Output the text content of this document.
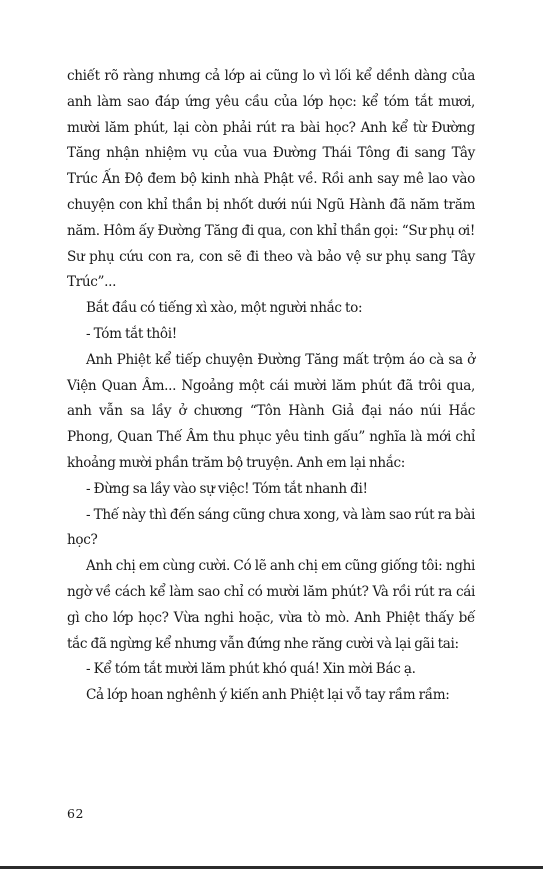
chiết rõ ràng nhưng cả lớp ai cũng lo vì lối kể dềnh dàng của anh làm sao đáp ứng yêu cầu của lớp học: kể tóm tắt mươi, mười lăm phút, lại còn phải rút ra bài học? Anh kể từ Đường Tăng nhận nhiệm vụ của vua Đường Thái Tông đi sang Tây Trúc Ấn Độ đem bộ kinh nhà Phật về. Rồi anh say mê lao vào chuyện con khỉ thần bị nhốt dưới núi Ngũ Hành đã năm trăm năm. Hôm ấy Đường Tăng đi qua, con khỉ thần gọi: “Sư phụ ơi! Sư phụ cứu con ra, con sẽ đi theo và bảo vệ sư phụ sang Tây Trúc”...

Bắt đầu có tiếng xì xào, một người nhắc to:

- Tóm tắt thôi!

Anh Phiệt kể tiếp chuyện Đường Tăng mất trộm áo cà sa ở Viện Quan Âm... Ngoảng một cái mười lăm phút đã trôi qua, anh vẫn sa lầy ở chương “Tôn Hành Giả đại náo núi Hắc Phong, Quan Thế Âm thu phục yêu tinh gấu” nghĩa là mới chỉ khoảng mười phần trăm bộ truyện. Anh em lại nhắc:

- Đừng sa lầy vào sự việc! Tóm tắt nhanh đi!

- Thế này thì đến sáng cũng chưa xong, và làm sao rút ra bài học?

Anh chị em cùng cười. Có lẽ anh chị em cũng giống tôi: nghi ngờ về cách kể làm sao chỉ có mười lăm phút? Và rồi rút ra cái gì cho lớp học? Vừa nghi hoặc, vừa tò mò. Anh Phiệt thấy bế tắc đã ngừng kể nhưng vẫn đứng nhe răng cười và lại gãi tai:

- Kể tóm tắt mười lăm phút khó quá! Xin mời Bác ạ.

Cả lớp hoan nghênh ý kiến anh Phiệt lại vỗ tay rầm rầm:

62
